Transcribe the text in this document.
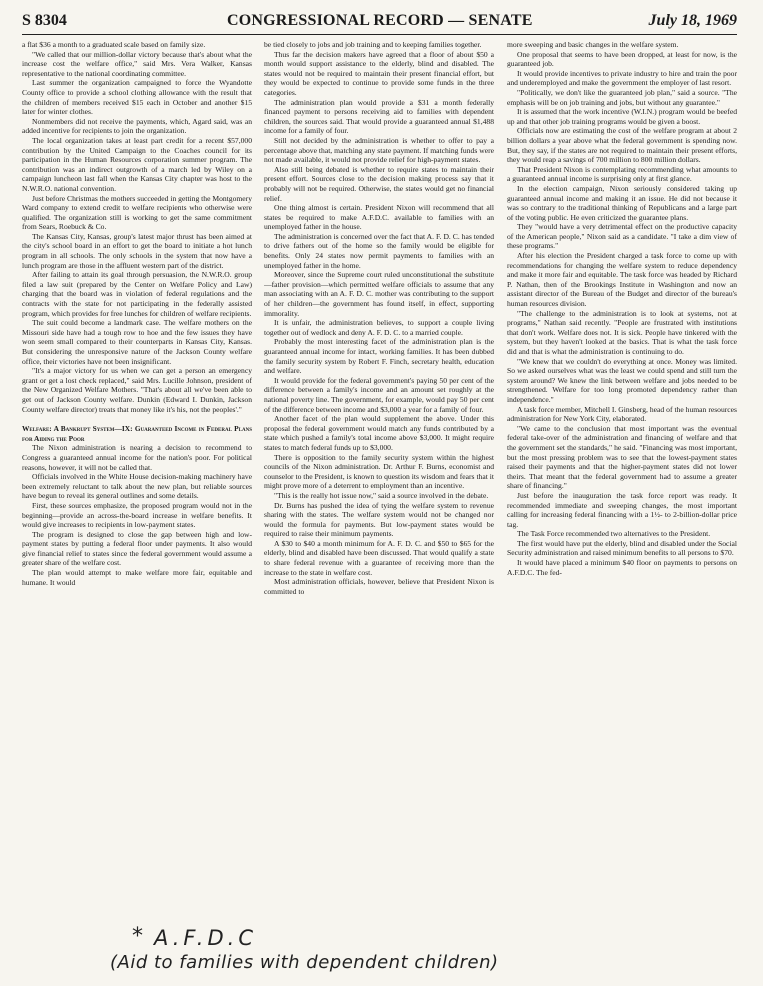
S 8304	CONGRESSIONAL RECORD — SENATE	July 18, 1969

a flat $36 a month to a graduated scale based on family size.

"We called that our million-dollar victory because that's about what the increase cost the welfare office," said Mrs. Vera Walker, Kansas representative to the national coordinating committee.

Last summer the organization campaigned to force the Wyandotte County office to provide a school clothing allowance with the result that the children of members received $15 each in October and another $15 later for winter clothes.

Nonmembers did not receive the payments, which, Agard said, was an added incentive for recipients to join the organization.

The local organization takes at least part credit for a recent $57,000 contribution by the United Campaign to the Coaches council for its participation in the Human Resources corporation summer program. The contribution was an indirect outgrowth of a march led by Wiley on a campaign luncheon last fall when the Kansas City chapter was host to the N.W.R.O. national convention.

Just before Christmas the mothers succeeded in getting the Montgomery Ward company to extend credit to welfare recipients who otherwise were qualified. The organization still is working to get the same commitment from Sears, Roebuck & Co.

The Kansas City, Kansas, group's latest major thrust has been aimed at the city's school board in an effort to get the board to initiate a hot lunch program in all schools. The only schools in the system that now have a lunch program are those in the affluent western part of the district.

After failing to attain its goal through persuasion, the N.W.R.O. group filed a law suit (prepared by the Center on Welfare Policy and Law) charging that the board was in violation of federal regulations and the contracts with the state for not participating in the federally assisted program, which provides for free lunches for children of welfare recipients.

The suit could become a landmark case. The welfare mothers on the Missouri side have had a tough row to hoe and the few issues they have won seem small compared to their counterparts in Kansas City, Kansas. But considering the unresponsive nature of the Jackson County welfare office, their victories have not been insignificant.

"It's a major victory for us when we can get a person an emergency grant or get a lost check replaced," said Mrs. Lucille Johnson, president of the New Organized Welfare Mothers. "That's about all we've been able to get out of Jackson County welfare. Dunkin (Edward I. Dunkin, Jackson County welfare director) treats that money like it's his, not the peoples'."

Welfare: A Bankrupt System—IX: Guaranteed Income in Federal Plans for Aiding the Poor

The Nixon administration is nearing a decision to recommend to Congress a guaranteed annual income for the nation's poor. For political reasons, however, it will not be called that.

Officials involved in the White House decision-making machinery have been extremely reluctant to talk about the new plan, but reliable sources have begun to reveal its general outlines and some details.

First, these sources emphasize, the proposed program would not in the beginning—provide an across-the-board increase in welfare benefits. It would give increases to recipients in low-payment states.

The program is designed to close the gap between high and low-payment states by putting a federal floor under payments. It also would give financial relief to states since the federal government would assume a greater share of the welfare cost.

The plan would attempt to make welfare more fair, equitable and humane. It would

be tied closely to jobs and job training and to keeping families together.

Thus far the decision makers have agreed that a floor of about $50 a month would support assistance to the elderly, blind and disabled. The states would not be required to maintain their present financial effort, but they would be expected to continue to provide some funds in the three categories.

The administration plan would provide a $31 a month federally financed payment to persons receiving aid to families with dependent children, the sources said. That would provide a guaranteed annual $1,488 income for a family of four.

Still not decided by the administration is whether to offer to pay a percentage above that, matching any state payment. If matching funds were not made available, it would not provide relief for high-payment states.

Also still being debated is whether to require states to maintain their present effort. Sources close to the decision making process say that it probably will not be required. Otherwise, the states would get no financial relief.

One thing almost is certain. President Nixon will recommend that all states be required to make A.F.D.C. available to families with an unemployed father in the house.

The administration is concerned over the fact that A. F. D. C. has tended to drive fathers out of the home so the family would be eligible for benefits. Only 24 states now permit payments to families with an unemployed father in the home.

Moreover, since the Supreme court ruled unconstitutional the substitute—father provision—which permitted welfare officials to assume that any man associating with an A. F. D. C. mother was contributing to the support of her children—the government has found itself, in effect, supporting immorality.

It is unfair, the administration believes, to support a couple living together out of wedlock and deny A. F. D. C. to a married couple.

Probably the most interesting facet of the administration plan is the guaranteed annual income for intact, working families. It has been dubbed the family security system by Robert F. Finch, secretary health, education and welfare.

It would provide for the federal government's paying 50 per cent of the difference between a family's income and an amount set roughly at the national poverty line. The government, for example, would pay 50 per cent of the difference between income and $3,000 a year for a family of four.

Another facet of the plan would supplement the above. Under this proposal the federal government would match any funds contributed by a state which pushed a family's total income above $3,000. It might require states to match federal funds up to $3,000.

There is opposition to the family security system within the highest councils of the Nixon administration. Dr. Arthur F. Burns, economist and counselor to the President, is known to question its wisdom and fears that it might prove more of a deterrent to employment than an incentive.

"This is the really hot issue now," said a source involved in the debate.

Dr. Burns has pushed the idea of tying the welfare system to revenue sharing with the states. The welfare system would not be changed nor would the formula for payments. But low-payment states would be required to raise their minimum payments.

A $30 to $40 a month minimum for A. F. D. C. and $50 to $65 for the elderly, blind and disabled have been discussed. That would qualify a state to share federal revenue with a guarantee of receiving more than the increase to the state in welfare cost.

Most administration officials, however, believe that President Nixon is committed to

more sweeping and basic changes in the welfare system.

One proposal that seems to have been dropped, at least for now, is the guaranteed job.

It would provide incentives to private industry to hire and train the poor and underemployed and make the government the employer of last resort.

"Politically, we don't like the guaranteed job plan," said a source. "The emphasis will be on job training and jobs, but without any guarantee."

It is assumed that the work incentive (W.I.N.) program would be beefed up and that other job training programs would be given a boost.

Officials now are estimating the cost of the welfare program at about 2 billion dollars a year above what the federal government is spending now. But, they say, if the states are not required to maintain their present efforts, they would reap a savings of 700 million to 800 million dollars.

That President Nixon is contemplating recommending what amounts to a guaranteed annual income is surprising only at first glance.

In the election campaign, Nixon seriously considered taking up guaranteed annual income and making it an issue. He did not because it was so contrary to the traditional thinking of Republicans and a large part of the voting public. He even criticized the guarantee plans.

They "would have a very detrimental effect on the productive capacity of the American people," Nixon said as a candidate. "I take a dim view of these programs."

After his election the President charged a task force to come up with recommendations for changing the welfare system to reduce dependency and make it more fair and equitable. The task force was headed by Richard P. Nathan, then of the Brookings Institute in Washington and now an assistant director of the Bureau of the Budget and director of the bureau's human resources division.

"The challenge to the administration is to look at systems, not at programs," Nathan said recently. "People are frustrated with institutions that don't work. Welfare does not. It is sick. People have tinkered with the system, but they haven't looked at the basics. That is what the task force did and that is what the administration is continuing to do.

"We knew that we couldn't do everything at once. Money was limited. So we asked ourselves what was the least we could spend and still turn the system around? We knew the link between welfare and jobs needed to be strengthened. Welfare for too long promoted dependency rather than independence."

A task force member, Mitchell I. Ginsberg, head of the human resources administration for New York City, elaborated.

"We came to the conclusion that most important was the eventual federal take-over of the administration and financing of welfare and that the government set the standards," he said. "Financing was most important, but the most pressing problem was to see that the lowest-payment states raised their payments and that the higher-payment states did not lower theirs. That meant that the federal government had to assume a greater share of financing."

Just before the inauguration the task force report was ready. It recommended immediate and sweeping changes, the most important calling for increasing federal financing with a 1½- to 2-billion-dollar price tag.

The Task Force recommended two alternatives to the President.

The first would have put the elderly, blind and disabled under the Social Security administration and raised minimum benefits to all persons to $70.

It would have placed a minimum $40 floor on payments to persons on A.F.D.C. The fed-

* A.F.D.C
(Aid to families with dependent children)
